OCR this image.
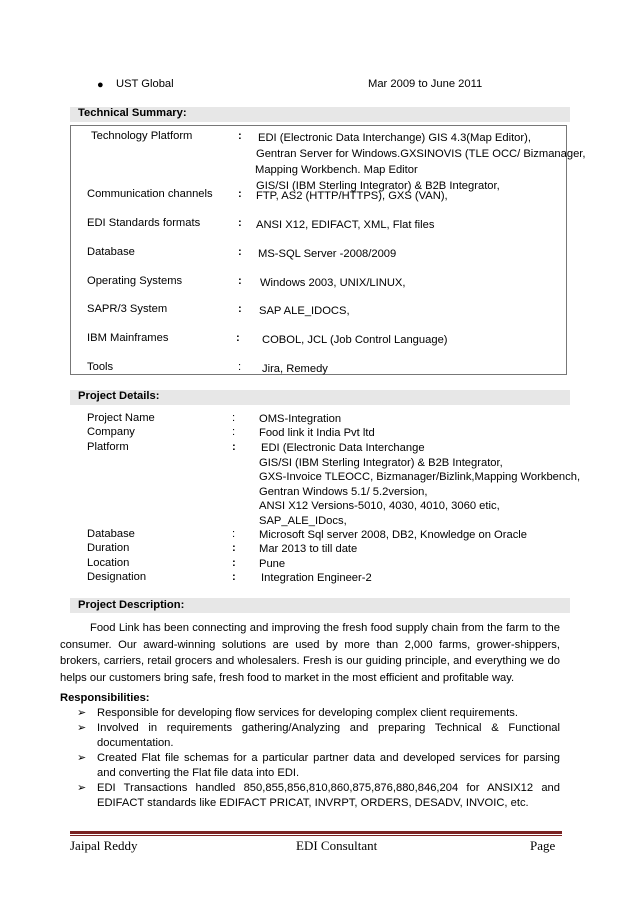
● UST Global	Mar 2009 to June 2011
Technical Summary:
Technology Platform	: EDI (Electronic Data Interchange) GIS 4.3(Map Editor),
Gentran Server for Windows.GXSINOVIS (TLE OCC/ Bizmanager,
Mapping Workbench. Map Editor
GIS/SI (IBM Sterling Integrator) & B2B Integrator,
Communication channels : FTP, AS2 (HTTP/HTTPS), GXS (VAN),
EDI Standards formats	: ANSI X12, EDIFACT, XML, Flat files
Database	: MS-SQL Server -2008/2009
Operating Systems	: Windows 2003, UNIX/LINUX,
SAPR/3 System	: SAP ALE_IDOCS,
IBM Mainframes	: COBOL, JCL (Job Control Language)
Tools	: Jira, Remedy
Project Details:
Project Name	: OMS-Integration
Company	: Food link it India Pvt ltd
Platform	: EDI (Electronic Data Interchange
GIS/SI (IBM Sterling Integrator) & B2B Integrator,
GXS-Invoice TLEOCC, Bizmanager/Bizlink,Mapping Workbench,
Gentran Windows 5.1/ 5.2version,
ANSI X12 Versions-5010, 4030, 4010, 3060 etic,
SAP_ALE_IDocs,
Database	: Microsoft Sql server 2008, DB2, Knowledge on Oracle
Duration	: Mar 2013 to till date
Location	: Pune
Designation	: Integration Engineer-2
Project Description:
Food Link has been connecting and improving the fresh food supply chain from the farm to the consumer. Our award-winning solutions are used by more than 2,000 farms, grower-shippers, brokers, carriers, retail grocers and wholesalers. Fresh is our guiding principle, and everything we do helps our customers bring safe, fresh food to market in the most efficient and profitable way.
Responsibilities:
➢ Responsible for developing flow services for developing complex client requirements.
➢ Involved in requirements gathering/Analyzing and preparing Technical & Functional documentation.
➢ Created Flat file schemas for a particular partner data and developed services for parsing and converting the Flat file data into EDI.
➢ EDI Transactions handled 850,855,856,810,860,875,876,880,846,204 for ANSIX12 and EDIFACT standards like EDIFACT PRICAT, INVRPT, ORDERS, DESADV, INVOIC, etc.
Jaipal Reddy	EDI Consultant	Page
